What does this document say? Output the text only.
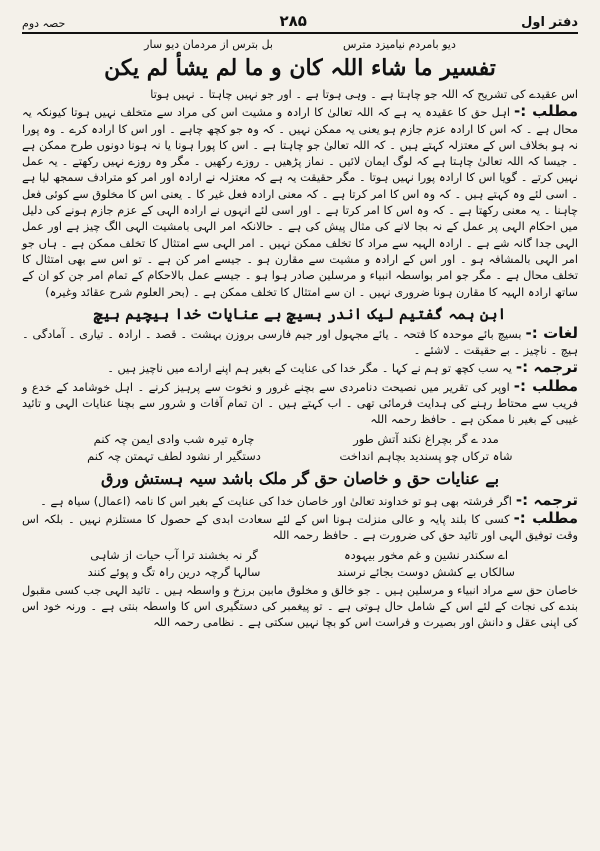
دفتر اول
۲۸۵
حصہ دوم
دیو بامردم نیامیزد مترس
بل بترس از مردمان دیو سار
تفسیر ما شاء اللہ کان و ما لم یشأ لم یکن

اس عقیدے کی تشریح کہ اللہ جو چاہتا ہے ۔ وہی ہوتا ہے ۔ اور جو نہیں چاہتا ۔ نہیں ہوتا

مطلب :-اہل حق کا عقیدہ یہ ہے کہ اللہ تعالیٰ کا ارادہ و مشیت اس کی مراد سے متخلف نہیں ہوتا کیونکہ یہ محال ہے ۔ کہ اس کا ارادہ عزم جازم ہو یعنی یہ ممکن نہیں ۔ کہ وہ جو کچھ چاہے ۔ اور اس کا ارادہ کرے ۔ وہ پورا نہ ہو بخلاف اس کے معتزلہ کہتے ہیں ۔ کہ اللہ تعالیٰ جو چاہتا ہے ۔ اس کا پورا ہونا یا نہ ہونا دونوں طرح ممکن ہے ۔ جیسا کہ اللہ تعالیٰ چاہتا ہے کہ لوگ ایمان لائیں ۔ نماز پڑھیں ۔ روزے رکھیں ۔ مگر وہ روزے نہیں رکھتے ۔ یہ عمل نہیں کرتے ۔ گویا اس کا ارادہ پورا نہیں ہوتا ۔ مگر حقیقت یہ ہے کہ معتزلہ نے ارادہ اور امر کو مترادف سمجھ لیا ہے ۔ اسی لئے وہ کہتے ہیں ۔ کہ وہ اس کا امر کرتا ہے ۔ کہ معنی ارادہ فعل غیر کا ۔ یعنی اس کا مخلوق سے کوئی فعل چاہنا ۔ یہ معنی رکھتا ہے ۔ کہ وہ اس کا امر کرتا ہے ۔ اور اسی لئے انہوں نے ارادہ الہی کے عزم جازم ہونے کی دلیل میں احکام الہی پر عمل کے نہ بجا لانے کی مثال پیش کی ہے ۔ حالانکہ امر الہی بامشیت الہی الگ چیز ہے اور عمل الہی جدا گانہ شے ہے ۔ ارادہ الہیہ سے مراد کا تخلف ممکن نہیں ۔ امر الہی سے امتثال کا تخلف ممکن ہے ۔ ہاں جو امر الہی بالمشافہ ہو ۔ اور اس کے ارادہ و مشیت سے مقارن ہو ۔ جیسے امر کن ہے ۔ تو اس سے بھی امتثال کا تخلف محال ہے ۔ مگر جو امر بواسطہ انبیاء و مرسلین صادر ہوا ہو ۔ جیسے عمل بالاحکام کے تمام امر جن کو ان کے ساتھ ارادہ الہیہ کا مقارن ہونا ضروری نہیں ۔ ان سے امتثال کا تخلف ممکن ہے ۔ (بحر العلوم شرح عقائد وغیرہ)

ابن ہمہ گفتیم لیک اندر بسیچ بے عنایات خدا ہیچیم ہیچ

لغات :-بسیچ بائے موحدہ کا فتحہ ۔ یائے مجہول اور جیم فارسی بروزن بہشت ۔ قصد ۔ ارادہ ۔ تیاری ۔ آمادگی ۔ ہیچ ۔ ناچیز ۔ بے حقیقت ۔ لاشئے ۔

ترجمہ :-یہ سب کچھ تو ہم نے کہا ۔ مگر خدا کی عنایت کے بغیر ہم اپنے ارادے میں ناچیز ہیں ۔

مطلب :-اوپر کی تقریر میں نصیحت دنامردی سے بچنے غرور و نخوت سے پرہیز کرنے ۔ اہل خوشامد کے خدع و فریب سے محتاط رہنے کی ہدایت فرمائی تھی ۔ اب کہتے ہیں ۔ ان تمام آفات و شرور سے بچنا عنایات الہی و تائید غیبی کے بغیر نا ممکن ہے ۔ حافظ رحمہ اللہ

مدد ے گر بچراغ نکند آتش طور
چارہ تیرہ شب وادی ایمن چہ کنم
شاہ ترکاں چو پسندید بچاہم انداخت
دستگیر ار نشود لطف تہمتن چہ کنم
بے عنایات حق و خاصان حق گر ملک باشد سیہ ہستش ورق

ترجمہ :-اگر فرشتہ بھی ہو تو خداوند تعالیٰ اور خاصان خدا کی عنایت کے بغیر اس کا نامہ (اعمال) سیاہ ہے ۔

مطلب :-کسی کا بلند پایہ و عالی منزلت ہونا اس کے لئے سعادت ابدی کے حصول کا مستلزم نہیں ۔ بلکہ اس وقت توفیق الہی اور تائید حق کی ضرورت ہے ۔ حافظ رحمہ اللہ

اے سکندر نشین و غم مخور بیہودہ
گر نہ بخشند ترا آب حیات از شاہی
سالکاں بے کشش دوست بجائے نرسند
سالہا گرچہ درین راہ تگ و پوئے کنند

خاصان حق سے مراد انبیاء و مرسلین ہیں ۔ جو خالق و مخلوق مابین برزخ و واسطہ ہیں ۔ تائید الہی جب کسی مقبول بندے کی نجات کے لئے اس کے شامل حال ہوتی ہے ۔ تو پیغمبر کی دستگیری اس کا واسطہ بنتی ہے ۔ ورنہ خود اس کی اپنی عقل و دانش اور بصیرت و فراست اس کو بچا نہیں سکتی ہے ۔ نظامی رحمہ اللہ
